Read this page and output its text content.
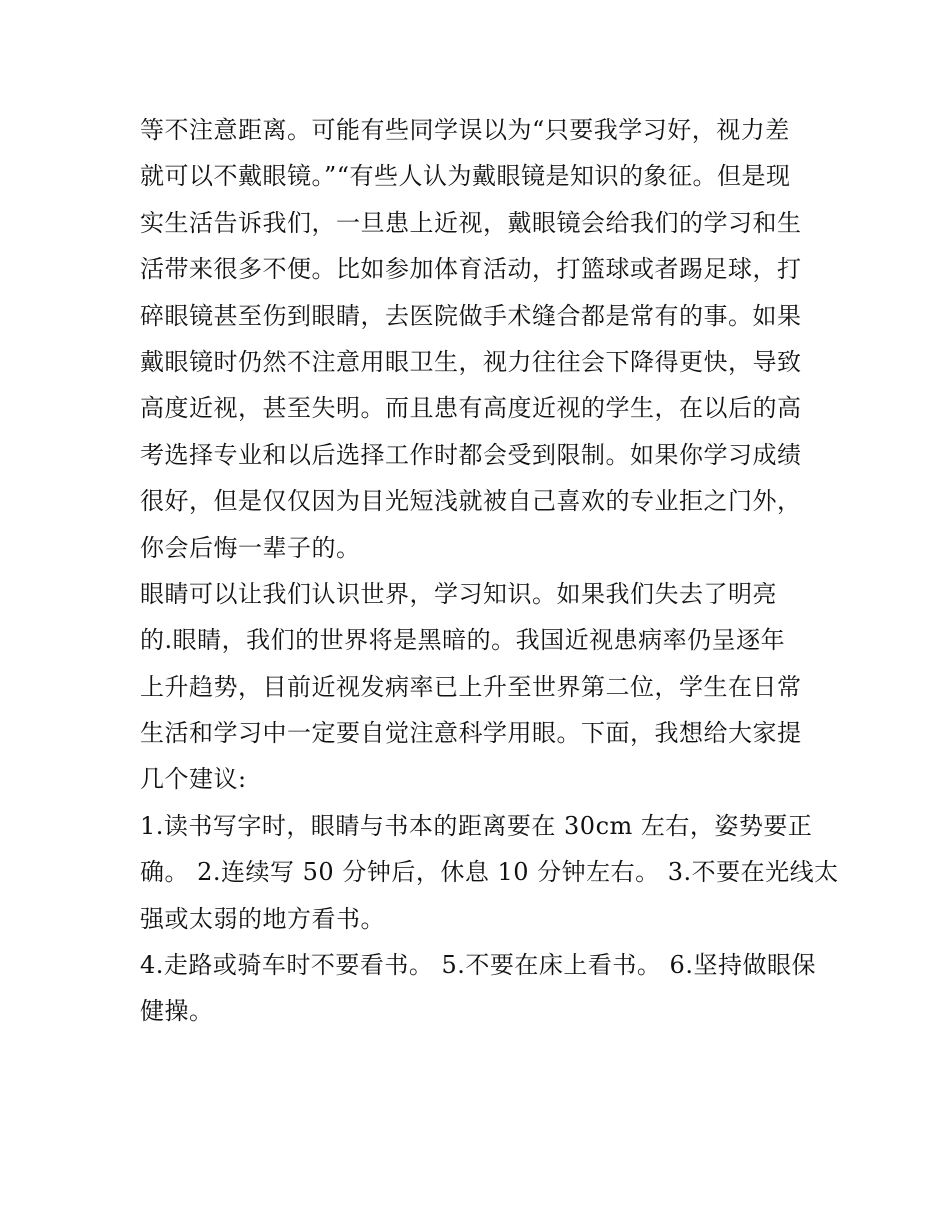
等不注意距离。可能有些同学误以为“只要我学习好，视力差
就可以不戴眼镜。”“有些人认为戴眼镜是知识的象征。但是现
实生活告诉我们，一旦患上近视，戴眼镜会给我们的学习和生
活带来很多不便。比如参加体育活动，打篮球或者踢足球，打
碎眼镜甚至伤到眼睛，去医院做手术缝合都是常有的事。如果
戴眼镜时仍然不注意用眼卫生，视力往往会下降得更快，导致
高度近视，甚至失明。而且患有高度近视的学生，在以后的高
考选择专业和以后选择工作时都会受到限制。如果你学习成绩
很好，但是仅仅因为目光短浅就被自己喜欢的专业拒之门外，
你会后悔一辈子的。
眼睛可以让我们认识世界，学习知识。如果我们失去了明亮
的.眼睛，我们的世界将是黑暗的。我国近视患病率仍呈逐年
上升趋势，目前近视发病率已上升至世界第二位，学生在日常
生活和学习中一定要自觉注意科学用眼。下面，我想给大家提
几个建议:
1.读书写字时，眼睛与书本的距离要在 30cm 左右，姿势要正
确。 2.连续写 50 分钟后，休息 10 分钟左右。 3.不要在光线太
强或太弱的地方看书。
4.走路或骑车时不要看书。 5.不要在床上看书。 6.坚持做眼保
健操。
